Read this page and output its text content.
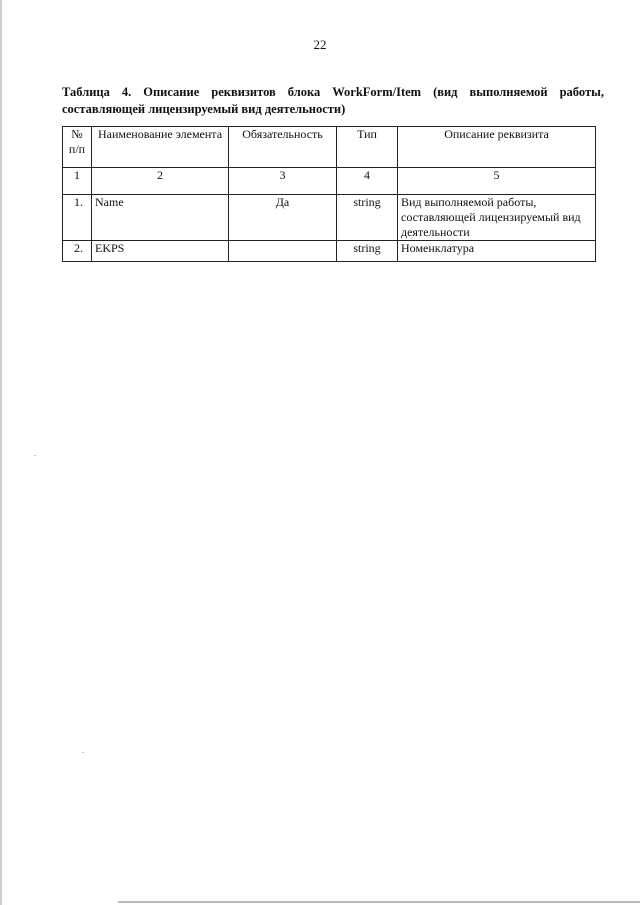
22
Таблица 4. Описание реквизитов блока WorkForm/Item (вид выполняемой работы,
составляющей лицензируемый вид деятельности)
№ п/п	Наименование элемента	Обязательность	Тип	Описание реквизита
1	2	3	4	5
1.	Name	Да	string	Вид выполняемой работы, составляющей лицензируемый вид деятельности
2.	EKPS		string	Номенклатура
